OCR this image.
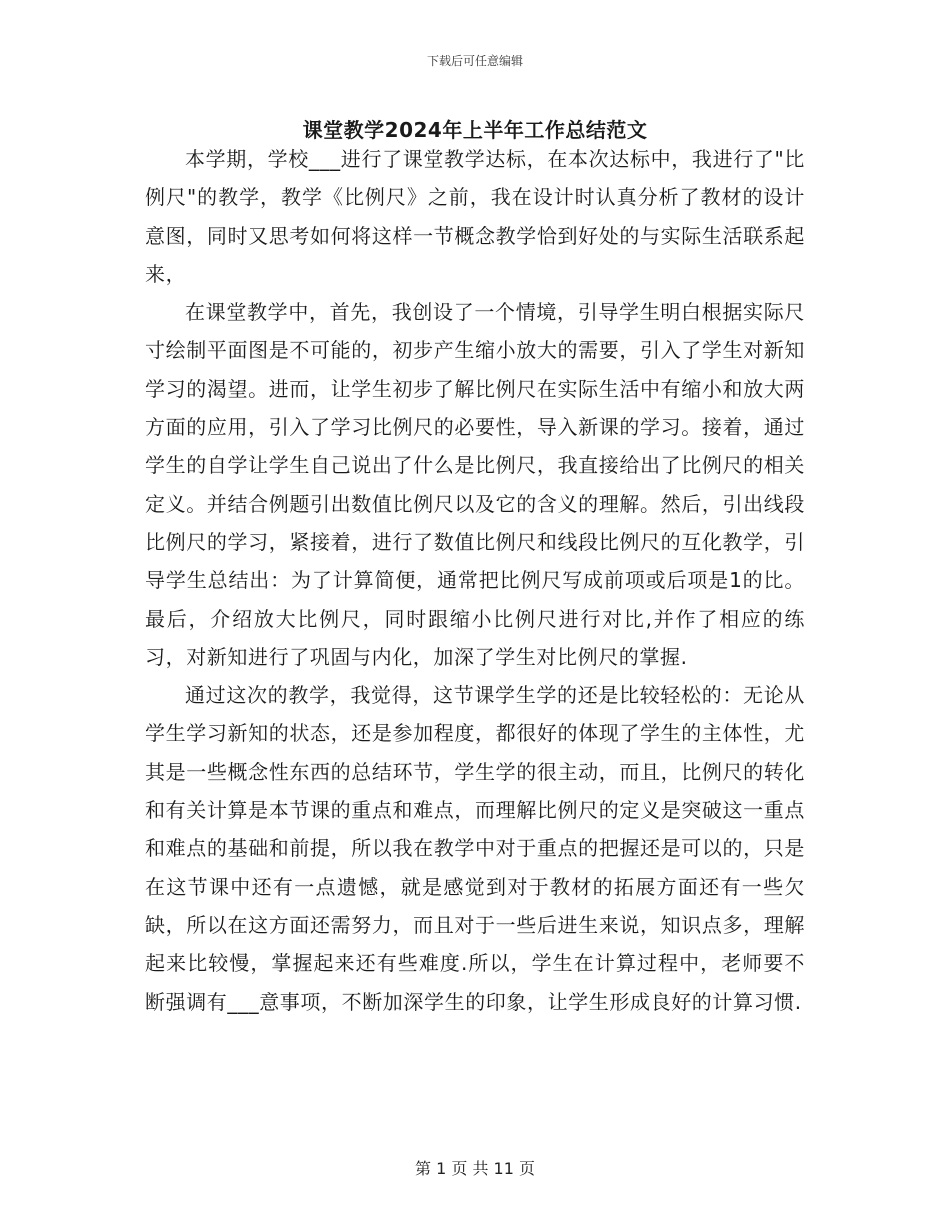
下载后可任意编辑
课堂教学2024年上半年工作总结范文

本学期，学校___进行了课堂教学达标，在本次达标中，我进行了"比例尺"的教学，教学《比例尺》之前，我在设计时认真分析了教材的设计意图，同时又思考如何将这样一节概念教学恰到好处的与实际生活联系起来，

在课堂教学中，首先，我创设了一个情境，引导学生明白根据实际尺寸绘制平面图是不可能的，初步产生缩小放大的需要，引入了学生对新知学习的渴望。进而，让学生初步了解比例尺在实际生活中有缩小和放大两方面的应用，引入了学习比例尺的必要性，导入新课的学习。接着，通过学生的自学让学生自己说出了什么是比例尺，我直接给出了比例尺的相关定义。并结合例题引出数值比例尺以及它的含义的理解。然后，引出线段比例尺的学习，紧接着，进行了数值比例尺和线段比例尺的互化教学，引导学生总结出：为了计算简便，通常把比例尺写成前项或后项是1的比。最后，介绍放大比例尺，同时跟缩小比例尺进行对比,并作了相应的练习，对新知进行了巩固与内化，加深了学生对比例尺的掌握.

通过这次的教学，我觉得，这节课学生学的还是比较轻松的：无论从学生学习新知的状态，还是参加程度，都很好的体现了学生的主体性，尤其是一些概念性东西的总结环节，学生学的很主动，而且，比例尺的转化和有关计算是本节课的重点和难点，而理解比例尺的定义是突破这一重点和难点的基础和前提，所以我在教学中对于重点的把握还是可以的，只是在这节课中还有一点遗憾，就是感觉到对于教材的拓展方面还有一些欠缺，所以在这方面还需努力，而且对于一些后进生来说，知识点多，理解起来比较慢，掌握起来还有些难度.所以，学生在计算过程中，老师要不断强调有___意事项，不断加深学生的印象，让学生形成良好的计算习惯.

第 1 页 共 11 页
